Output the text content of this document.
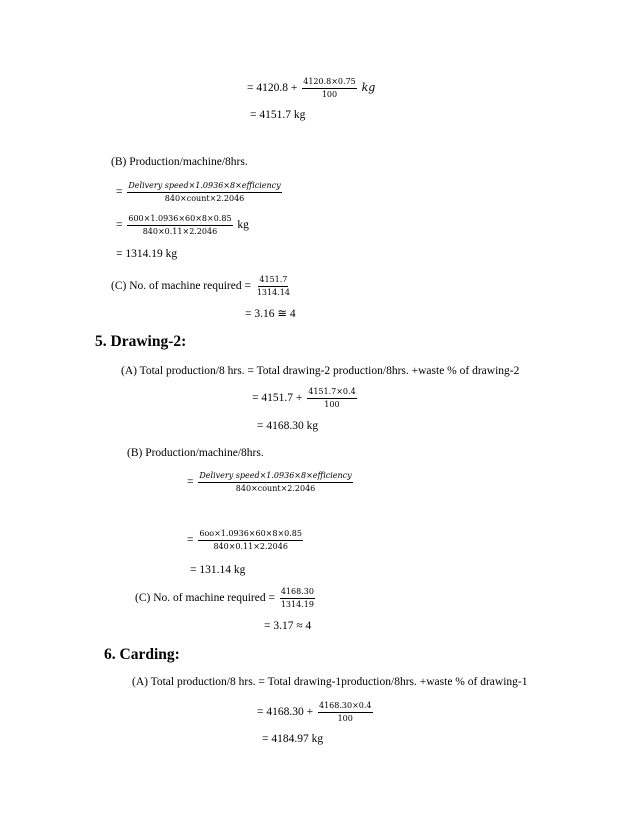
= $4120.8 + \frac{4120.8\times 0.75}{100}$ kg
= 4151.7 kg
(B) Production/machine/8hrs.
= $\frac{\text{Delivery speed×1.0936×8×efficiency}}{\text{840×count×2.2046}}$
= $\frac{600\times 1.0936\times 60\times 8\times 0.85}{840\times 0.11\times 2.2046}$ kg
= 1314.19 kg
(C) No. of machine required = $\frac{4151.7}{1314.14}$
= 3.16 ≅ 4
5. Drawing-2:
(A) Total production/8 hrs. = Total drawing-2 production/8hrs. +waste % of drawing-2
= $4151.7 + \frac{4151.7\times 0.4}{100}$
= 4168.30 kg
(B) Production/machine/8hrs.
= $\frac{\text{Delivery speed×1.0936×8×efficiency}}{\text{840×count×2.2046}}$
= $\frac{6oo\times 1.0936\times 60\times 8\times 0.85}{840\times 0.11\times 2.2046}$
= 131.14 kg
(C) No. of machine required = $\frac{4168.30}{1314.19}$
= 3.17 ≈ 4
6. Carding:
(A) Total production/8 hrs. = Total drawing-1production/8hrs. +waste % of drawing-1
= $4168.30 + \frac{4168.30\times 0.4}{100}$
= 4184.97 kg
